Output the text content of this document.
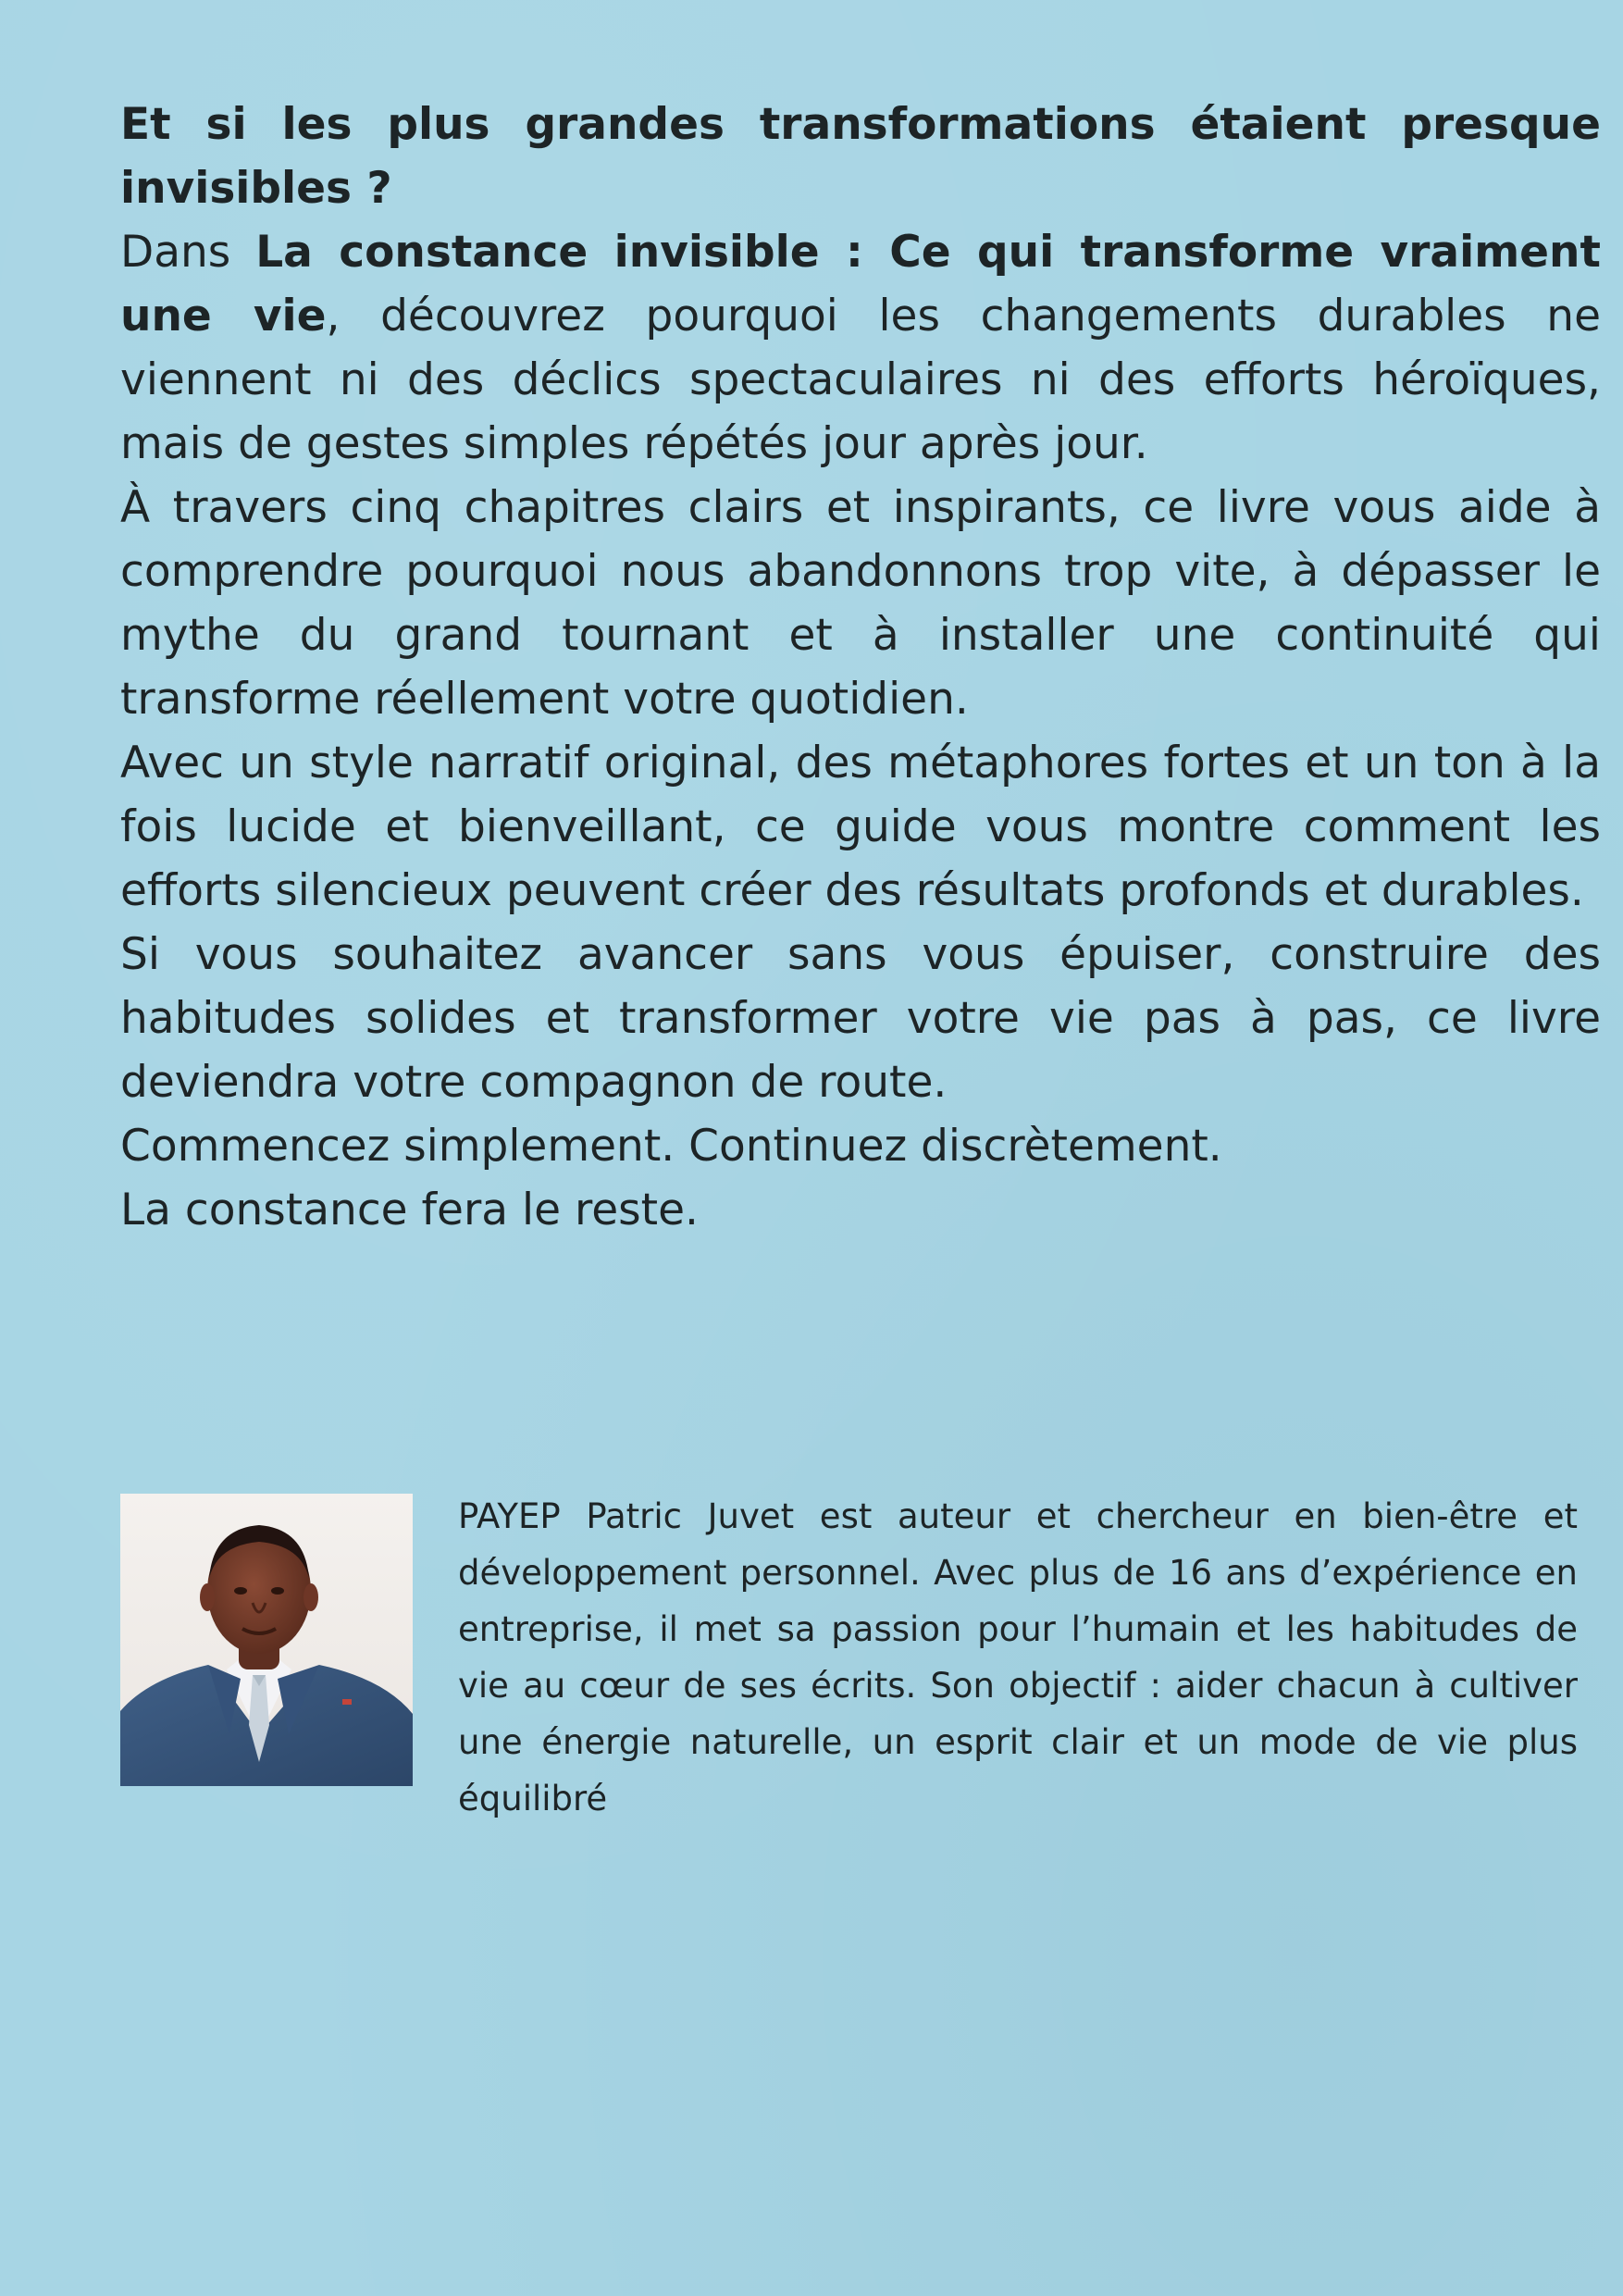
Et si les plus grandes transformations étaient presque invisibles ?

Dans La constance invisible : Ce qui transforme vraiment une vie, découvrez pourquoi les changements durables ne viennent ni des déclics spectaculaires ni des efforts héroïques, mais de gestes simples répétés jour après jour.

À travers cinq chapitres clairs et inspirants, ce livre vous aide à comprendre pourquoi nous abandonnons trop vite, à dépasser le mythe du grand tournant et à installer une continuité qui transforme réellement votre quotidien.

Avec un style narratif original, des métaphores fortes et un ton à la fois lucide et bienveillant, ce guide vous montre comment les efforts silencieux peuvent créer des résultats profonds et durables.

Si vous souhaitez avancer sans vous épuiser, construire des habitudes solides et transformer votre vie pas à pas, ce livre deviendra votre compagnon de route.

Commencez simplement. Continuez discrètement.

La constance fera le reste.

PAYEP Patric Juvet est auteur et chercheur en bien-être et développement personnel. Avec plus de 16 ans d’expérience en entreprise, il met sa passion pour l’humain et les habitudes de vie au cœur de ses écrits. Son objectif : aider chacun à cultiver une énergie naturelle, un esprit clair et un mode de vie plus équilibré
